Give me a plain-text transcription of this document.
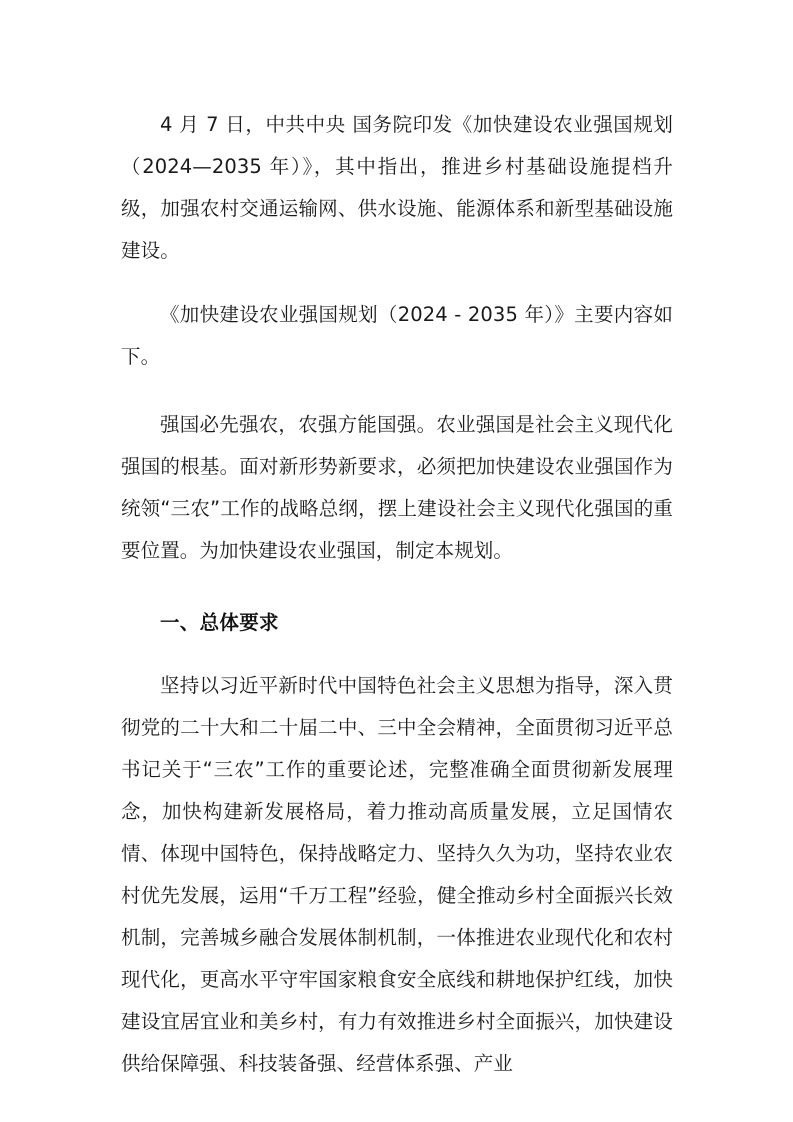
4 月 7 日，中共中央 国务院印发《加快建设农业强国规划（2024—2035 年）》，其中指出，推进乡村基础设施提档升级，加强农村交通运输网、供水设施、能源体系和新型基础设施建设。

《加快建设农业强国规划（2024 - 2035 年）》主要内容如下。

强国必先强农，农强方能国强。农业强国是社会主义现代化强国的根基。面对新形势新要求，必须把加快建设农业强国作为统领“三农”工作的战略总纲，摆上建设社会主义现代化强国的重要位置。为加快建设农业强国，制定本规划。

一、总体要求

坚持以习近平新时代中国特色社会主义思想为指导，深入贯彻党的二十大和二十届二中、三中全会精神，全面贯彻习近平总书记关于“三农”工作的重要论述，完整准确全面贯彻新发展理念，加快构建新发展格局，着力推动高质量发展，立足国情农情、体现中国特色，保持战略定力、坚持久久为功，坚持农业农村优先发展，运用“千万工程”经验，健全推动乡村全面振兴长效机制，完善城乡融合发展体制机制，一体推进农业现代化和农村现代化，更高水平守牢国家粮食安全底线和耕地保护红线，加快建设宜居宜业和美乡村，有力有效推进乡村全面振兴，加快建设供给保障强、科技装备强、经营体系强、产业
